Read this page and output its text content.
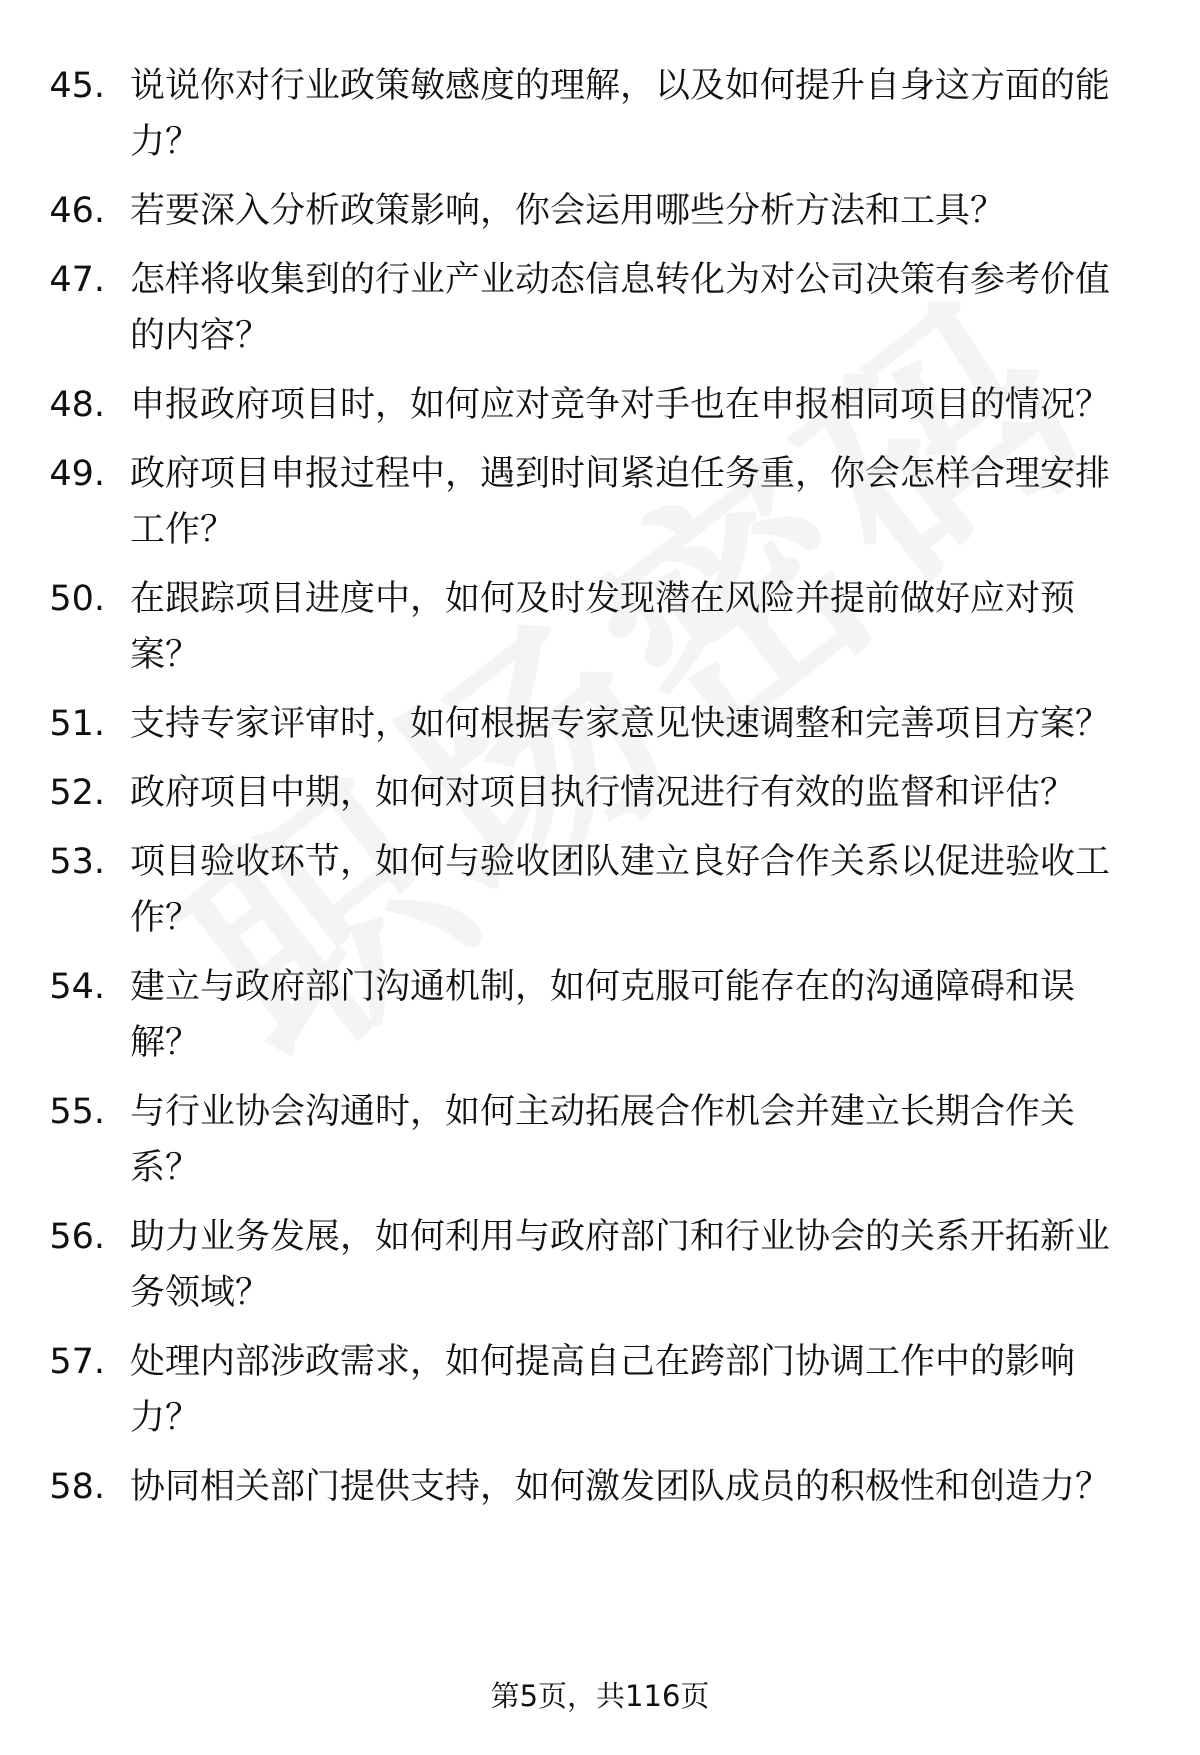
45. 说说你对行业政策敏感度的理解，以及如何提升自身这方面的能力？
46. 若要深入分析政策影响，你会运用哪些分析方法和工具？
47. 怎样将收集到的行业产业动态信息转化为对公司决策有参考价值的内容？
48. 申报政府项目时，如何应对竞争对手也在申报相同项目的情况？
49. 政府项目申报过程中，遇到时间紧迫任务重，你会怎样合理安排工作？
50. 在跟踪项目进度中，如何及时发现潜在风险并提前做好应对预案？
51. 支持专家评审时，如何根据专家意见快速调整和完善项目方案？
52. 政府项目中期，如何对项目执行情况进行有效的监督和评估？
53. 项目验收环节，如何与验收团队建立良好合作关系以促进验收工作？
54. 建立与政府部门沟通机制，如何克服可能存在的沟通障碍和误解？
55. 与行业协会沟通时，如何主动拓展合作机会并建立长期合作关系？
56. 助力业务发展，如何利用与政府部门和行业协会的关系开拓新业务领域？
57. 处理内部涉政需求，如何提高自己在跨部门协调工作中的影响力？
58. 协同相关部门提供支持，如何激发团队成员的积极性和创造力？
第5页，共116页
